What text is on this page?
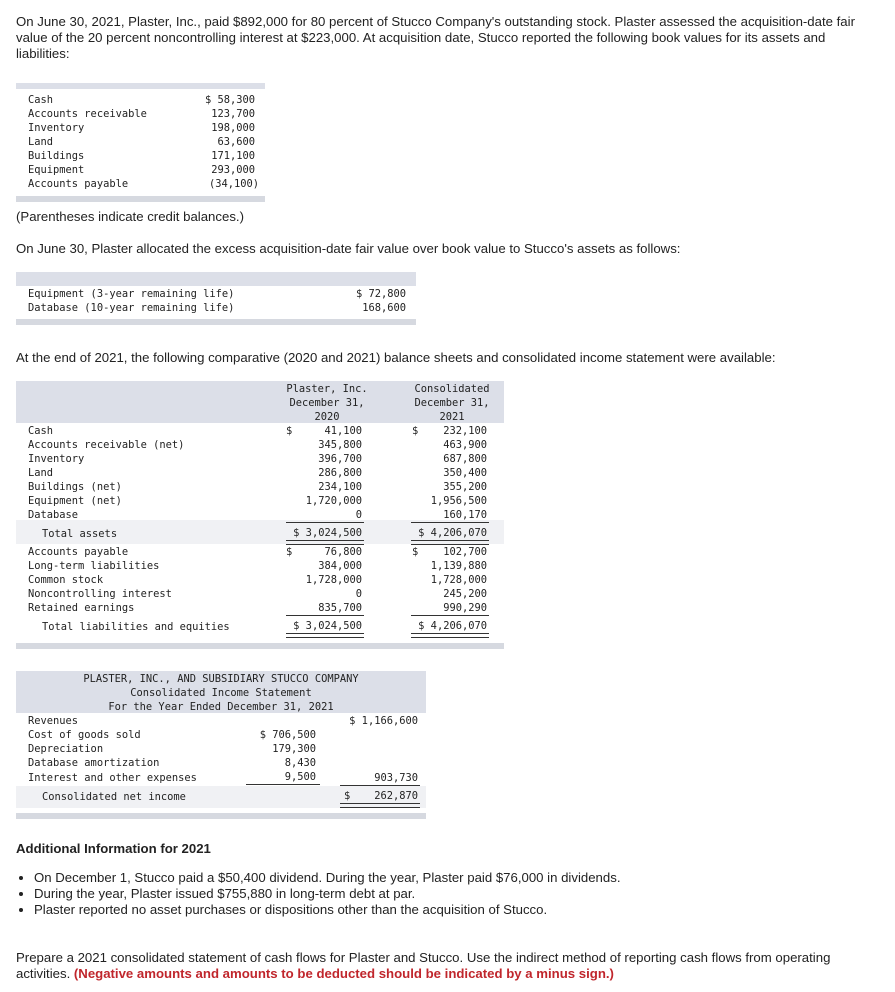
On June 30, 2021, Plaster, Inc., paid $892,000 for 80 percent of Stucco Company's outstanding stock. Plaster assessed the acquisition-date fair value of the 20 percent noncontrolling interest at $223,000. At acquisition date, Stucco reported the following book values for its assets and liabilities:
Cash	$ 58,300
Accounts receivable	123,700
Inventory	198,000
Land	63,600
Buildings	171,100
Equipment	293,000
Accounts payable	(34,100)
(Parentheses indicate credit balances.)
On June 30, Plaster allocated the excess acquisition-date fair value over book value to Stucco's assets as follows:
Equipment (3-year remaining life)	$ 72,800
Database (10-year remaining life)	168,600
At the end of 2021, the following comparative (2020 and 2021) balance sheets and consolidated income statement were available:
Plaster, Inc.
December 31,
2020
Consolidated
December 31,
2021
Cash	$	41,100	$	232,100
Accounts receivable (net)	345,800	463,900
Inventory	396,700	687,800
Land	286,800	350,400
Buildings (net)	234,100	355,200
Equipment (net)	1,720,000	1,956,500
Database	0	160,170
Total assets	$ 3,024,500	$ 4,206,070
Accounts payable	$	76,800	$	102,700
Long-term liabilities	384,000	1,139,880
Common stock	1,728,000	1,728,000
Noncontrolling interest	0	245,200
Retained earnings	835,700	990,290
Total liabilities and equities	$ 3,024,500	$ 4,206,070
PLASTER, INC., AND SUBSIDIARY STUCCO COMPANY
Consolidated Income Statement
For the Year Ended December 31, 2021
Revenues	$ 1,166,600
Cost of goods sold	$ 706,500
Depreciation	179,300
Database amortization	8,430
Interest and other expenses	9,500	903,730
Consolidated net income	$	262,870
Additional Information for 2021
• On December 1, Stucco paid a $50,400 dividend. During the year, Plaster paid $76,000 in dividends.
• During the year, Plaster issued $755,880 in long-term debt at par.
• Plaster reported no asset purchases or dispositions other than the acquisition of Stucco.
Prepare a 2021 consolidated statement of cash flows for Plaster and Stucco. Use the indirect method of reporting cash flows from operating activities. (Negative amounts and amounts to be deducted should be indicated by a minus sign.)
